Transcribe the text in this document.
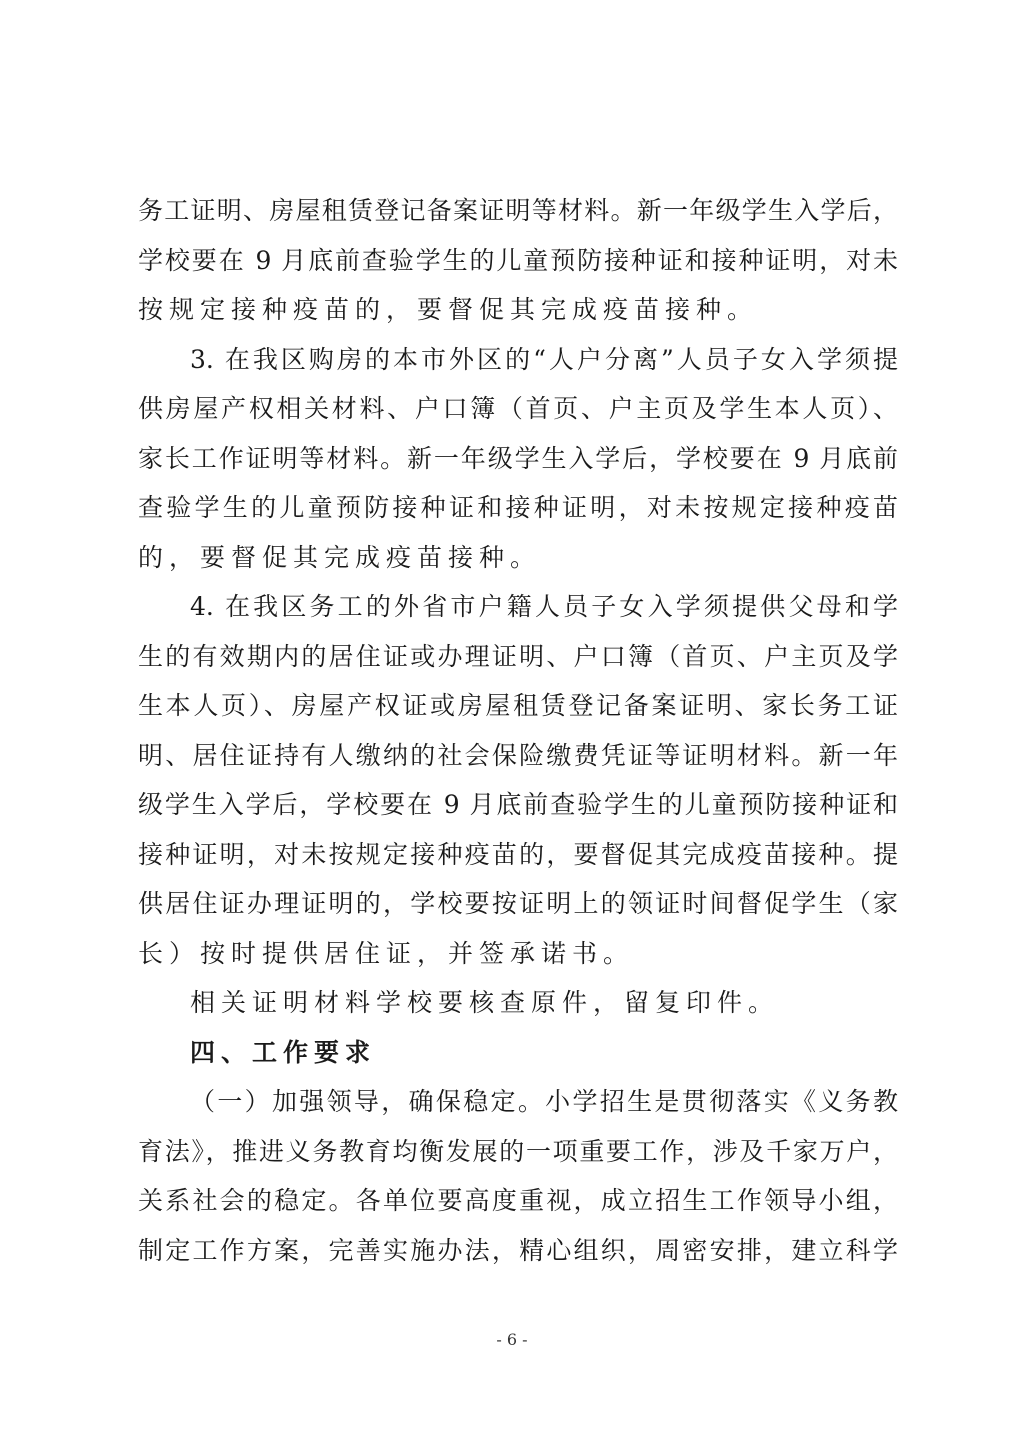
务工证明、房屋租赁登记备案证明等材料。新一年级学生入学后，
学校要在 9 月底前查验学生的儿童预防接种证和接种证明，对未
按规定接种疫苗的，要督促其完成疫苗接种。
3. 在我区购房的本市外区的“人户分离”人员子女入学须提
供房屋产权相关材料、户口簿（首页、户主页及学生本人页）、
家长工作证明等材料。新一年级学生入学后，学校要在 9 月底前
查验学生的儿童预防接种证和接种证明，对未按规定接种疫苗
的，要督促其完成疫苗接种。
4. 在我区务工的外省市户籍人员子女入学须提供父母和学
生的有效期内的居住证或办理证明、户口簿（首页、户主页及学
生本人页）、房屋产权证或房屋租赁登记备案证明、家长务工证
明、居住证持有人缴纳的社会保险缴费凭证等证明材料。新一年
级学生入学后，学校要在 9 月底前查验学生的儿童预防接种证和
接种证明，对未按规定接种疫苗的，要督促其完成疫苗接种。提
供居住证办理证明的，学校要按证明上的领证时间督促学生（家
长）按时提供居住证，并签承诺书。
相关证明材料学校要核查原件，留复印件。
四、工作要求
（一）加强领导，确保稳定。小学招生是贯彻落实《义务教
育法》，推进义务教育均衡发展的一项重要工作，涉及千家万户，
关系社会的稳定。各单位要高度重视，成立招生工作领导小组，
制定工作方案，完善实施办法，精心组织，周密安排，建立科学
- 6 -
